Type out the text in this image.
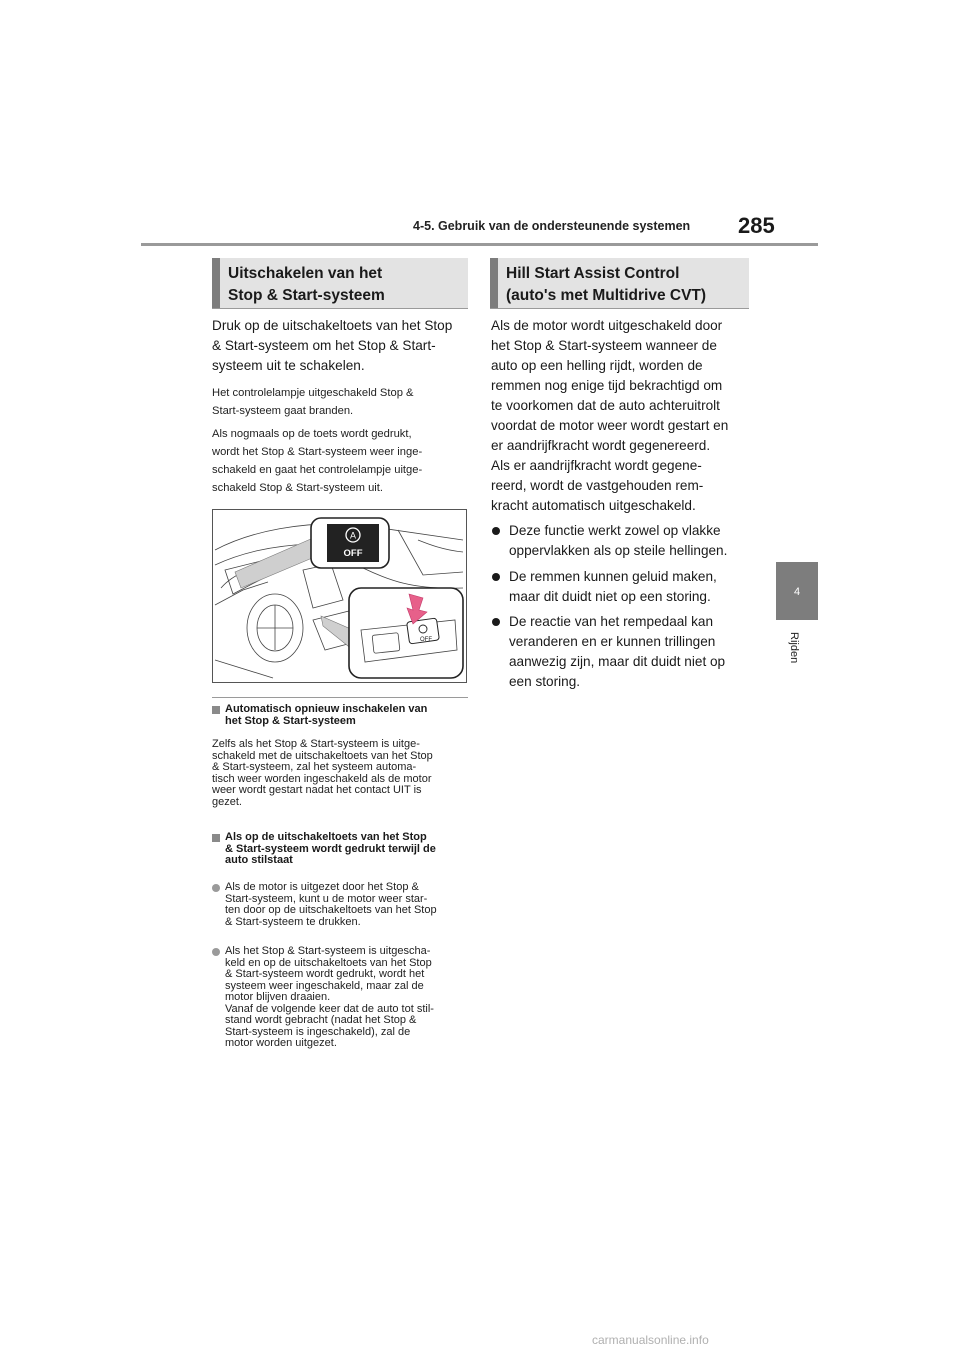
4-5. Gebruik van de ondersteunende systemen 285
4
Rijden
Uitschakelen van het
Stop & Start-systeem

Druk op de uitschakeltoets van het Stop

& Start-systeem om het Stop & Start-

systeem uit te schakelen.

Het controlelampje uitgeschakeld Stop &

Start-systeem gaat branden.

Als nogmaals op de toets wordt gedrukt,

wordt het Stop & Start-systeem weer inge-

schakeld en gaat het controlelampje uitge-

schakeld Stop & Start-systeem uit.

A
OFF
OFF

Automatisch opnieuw inschakelen van

het Stop & Start-systeem

Zelfs als het Stop & Start-systeem is uitge-

schakeld met de uitschakeltoets van het Stop

& Start-systeem, zal het systeem automa-

tisch weer worden ingeschakeld als de motor

weer wordt gestart nadat het contact UIT is

gezet.

Als op de uitschakeltoets van het Stop

& Start-systeem wordt gedrukt terwijl de

auto stilstaat

Als de motor is uitgezet door het Stop &

Start-systeem, kunt u de motor weer star-

ten door op de uitschakeltoets van het Stop

& Start-systeem te drukken.

Als het Stop & Start-systeem is uitgescha-

keld en op de uitschakeltoets van het Stop

& Start-systeem wordt gedrukt, wordt het

systeem weer ingeschakeld, maar zal de

motor blijven draaien.

Vanaf de volgende keer dat de auto tot stil-

stand wordt gebracht (nadat het Stop &

Start-systeem is ingeschakeld), zal de

motor worden uitgezet.

Hill Start Assist Control
(auto's met Multidrive CVT)

Als de motor wordt uitgeschakeld door

het Stop & Start-systeem wanneer de

auto op een helling rijdt, worden de

remmen nog enige tijd bekrachtigd om

te voorkomen dat de auto achteruitrolt

voordat de motor weer wordt gestart en

er aandrijfkracht wordt gegenereerd.

Als er aandrijfkracht wordt gegene-

reerd, wordt de vastgehouden rem-

kracht automatisch uitgeschakeld.

Deze functie werkt zowel op vlakke

oppervlakken als op steile hellingen.

De remmen kunnen geluid maken,

maar dit duidt niet op een storing.

De reactie van het rempedaal kan

veranderen en er kunnen trillingen

aanwezig zijn, maar dit duidt niet op

een storing.

carmanualsonline.info
